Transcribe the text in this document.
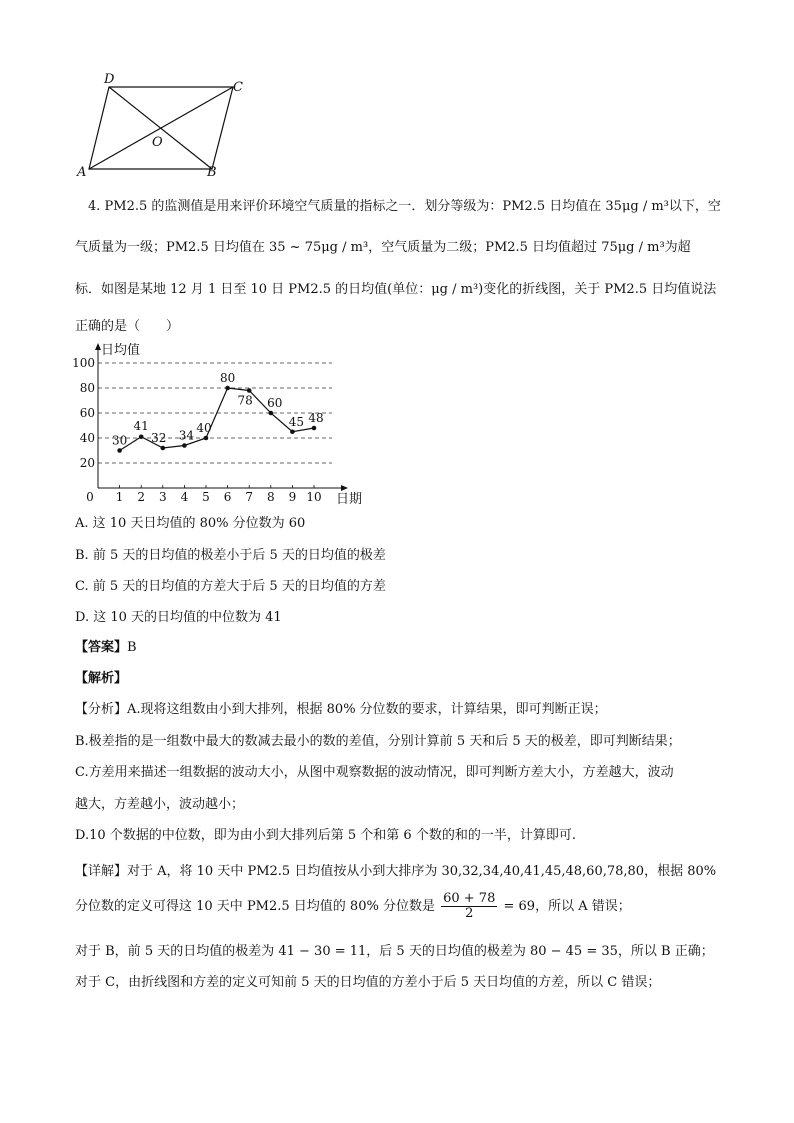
D
C
O
A	B
4. PM2.5 的监测值是用来评价环境空气质量的指标之一．划分等级为：PM2.5 日均值在 35μg / m³以下，空
气质量为一级；PM2.5 日均值在 35 ~ 75μg / m³，空气质量为二级；PM2.5 日均值超过 75μg / m³为超
标．如图是某地 12 月 1 日至 10 日 PM2.5 的日均值(单位：μg / m³)变化的折线图，关于 PM2.5 日均值说法
正确的是（　　）
20
40
60
80
100
0 1 2 3 4 5 6 7 8 9 10
日均值
日期
30
41
32 34
40
80
78 60
45 48
A. 这 10 天日均值的 80% 分位数为 60
B. 前 5 天的日均值的极差小于后 5 天的日均值的极差
C. 前 5 天的日均值的方差大于后 5 天的日均值的方差
D. 这 10 天的日均值的中位数为 41
【答案】B
【解析】
【分析】A.现将这组数由小到大排列，根据 80% 分位数的要求，计算结果，即可判断正误；
B.极差指的是一组数中最大的数减去最小的数的差值，分别计算前 5 天和后 5 天的极差，即可判断结果；
C.方差用来描述一组数据的波动大小，从图中观察数据的波动情况，即可判断方差大小，方差越大，波动
越大，方差越小，波动越小；
D.10 个数据的中位数，即为由小到大排列后第 5 个和第 6 个数的和的一半，计算即可.
【详解】对于 A，将 10 天中 PM2.5 日均值按从小到大排序为 30,32,34,40,41,45,48,60,78,80，根据 80%
分位数的定义可得这 10 天中 PM2.5 日均值的 80% 分位数是 $\frac{60 + 78}{2} = 69$，所以 A 错误；
对于 B，前 5 天的日均值的极差为 41 − 30 = 11，后 5 天的日均值的极差为 80 − 45 = 35，所以 B 正确；
对于 C，由折线图和方差的定义可知前 5 天的日均值的方差小于后 5 天日均值的方差，所以 C 错误；
